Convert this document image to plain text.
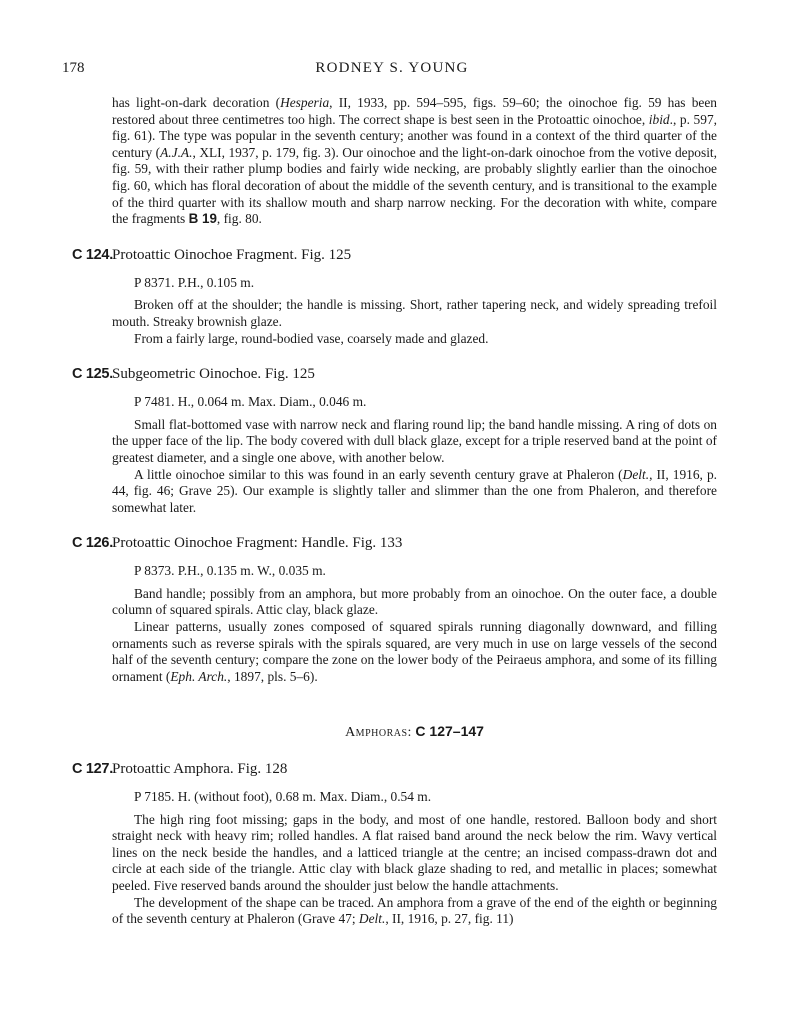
178	RODNEY S. YOUNG

has light-on-dark decoration (Hesperia, II, 1933, pp. 594–595, figs. 59–60; the oinochoe fig. 59 has been restored about three centimetres too high. The correct shape is best seen in the Protoattic oinochoe, ibid., p. 597, fig. 61). The type was popular in the seventh century; another was found in a context of the third quarter of the century (A.J.A., XLI, 1937, p. 179, fig. 3). Our oinochoe and the light-on-dark oinochoe from the votive deposit, fig. 59, with their rather plump bodies and fairly wide necking, are probably slightly earlier than the oinochoe fig. 60, which has floral decoration of about the middle of the seventh century, and is transitional to the example of the third quarter with its shallow mouth and sharp narrow necking. For the decoration with white, compare the fragments B 19, fig. 80.

C 124. Protoattic Oinochoe Fragment. Fig. 125

P 8371. P.H., 0.105 m.

Broken off at the shoulder; the handle is missing. Short, rather tapering neck, and widely spreading trefoil mouth. Streaky brownish glaze.

From a fairly large, round-bodied vase, coarsely made and glazed.

C 125. Subgeometric Oinochoe. Fig. 125

P 7481. H., 0.064 m. Max. Diam., 0.046 m.

Small flat-bottomed vase with narrow neck and flaring round lip; the band handle missing. A ring of dots on the upper face of the lip. The body covered with dull black glaze, except for a triple reserved band at the point of greatest diameter, and a single one above, with another below.

A little oinochoe similar to this was found in an early seventh century grave at Phaleron (Delt., II, 1916, p. 44, fig. 46; Grave 25). Our example is slightly taller and slimmer than the one from Phaleron, and therefore somewhat later.

C 126. Protoattic Oinochoe Fragment: Handle. Fig. 133

P 8373. P.H., 0.135 m. W., 0.035 m.

Band handle; possibly from an amphora, but more probably from an oinochoe. On the outer face, a double column of squared spirals. Attic clay, black glaze.

Linear patterns, usually zones composed of squared spirals running diagonally downward, and filling ornaments such as reverse spirals with the spirals squared, are very much in use on large vessels of the second half of the seventh century; compare the zone on the lower body of the Peiraeus amphora, and some of its filling ornament (Eph. Arch., 1897, pls. 5–6).

Amphoras: C 127–147
C 127. Protoattic Amphora. Fig. 128

P 7185. H. (without foot), 0.68 m. Max. Diam., 0.54 m.

The high ring foot missing; gaps in the body, and most of one handle, restored. Balloon body and short straight neck with heavy rim; rolled handles. A flat raised band around the neck below the rim. Wavy vertical lines on the neck beside the handles, and a latticed triangle at the centre; an incised compass-drawn dot and circle at each side of the triangle. Attic clay with black glaze shading to red, and metallic in places; somewhat peeled. Five reserved bands around the shoulder just below the handle attachments.

The development of the shape can be traced. An amphora from a grave of the end of the eighth or beginning of the seventh century at Phaleron (Grave 47; Delt., II, 1916, p. 27, fig. 11)
